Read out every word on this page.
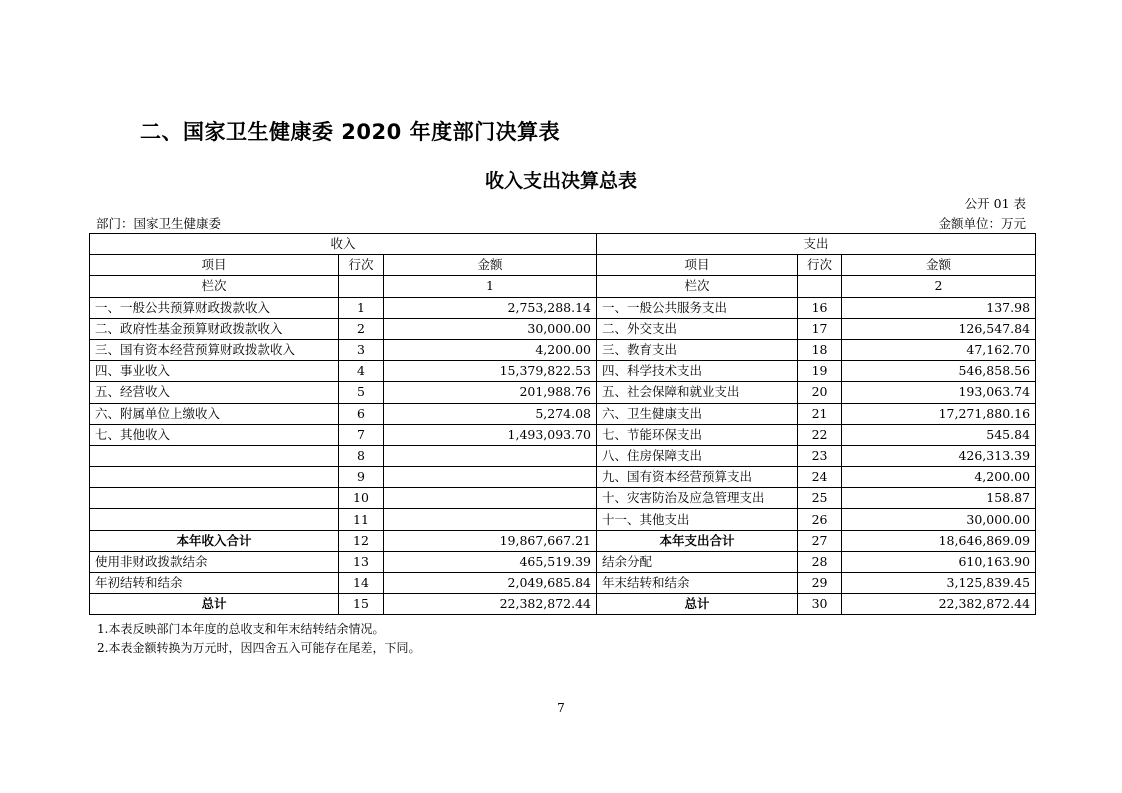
二、国家卫生健康委 2020 年度部门决算表
收入支出决算总表
公开 01 表
部门：国家卫生健康委	金额单位：万元
收入			支出		
项目	行次	金额	项目	行次	金额
栏次		1	栏次		2
一、一般公共预算财政拨款收入	1	2,753,288.14	一、一般公共服务支出	16	137.98
二、政府性基金预算财政拨款收入	2	30,000.00	二、外交支出	17	126,547.84
三、国有资本经营预算财政拨款收入	3	4,200.00	三、教育支出	18	47,162.70
四、事业收入	4	15,379,822.53	四、科学技术支出	19	546,858.56
五、经营收入	5	201,988.76	五、社会保障和就业支出	20	193,063.74
六、附属单位上缴收入	6	5,274.08	六、卫生健康支出	21	17,271,880.16
七、其他收入	7	1,493,093.70	七、节能环保支出	22	545.84
	8		八、住房保障支出	23	426,313.39
	9		九、国有资本经营预算支出	24	4,200.00
	10		十、灾害防治及应急管理支出	25	158.87
	11		十一、其他支出	26	30,000.00
本年收入合计	12	19,867,667.21	本年支出合计	27	18,646,869.09
使用非财政拨款结余	13	465,519.39	结余分配	28	610,163.90
年初结转和结余	14	2,049,685.84	年末结转和结余	29	3,125,839.45
总计	15	22,382,872.44	总计	30	22,382,872.44
1.本表反映部门本年度的总收支和年末结转结余情况。
2.本表金额转换为万元时，因四舍五入可能存在尾差，下同。
7
